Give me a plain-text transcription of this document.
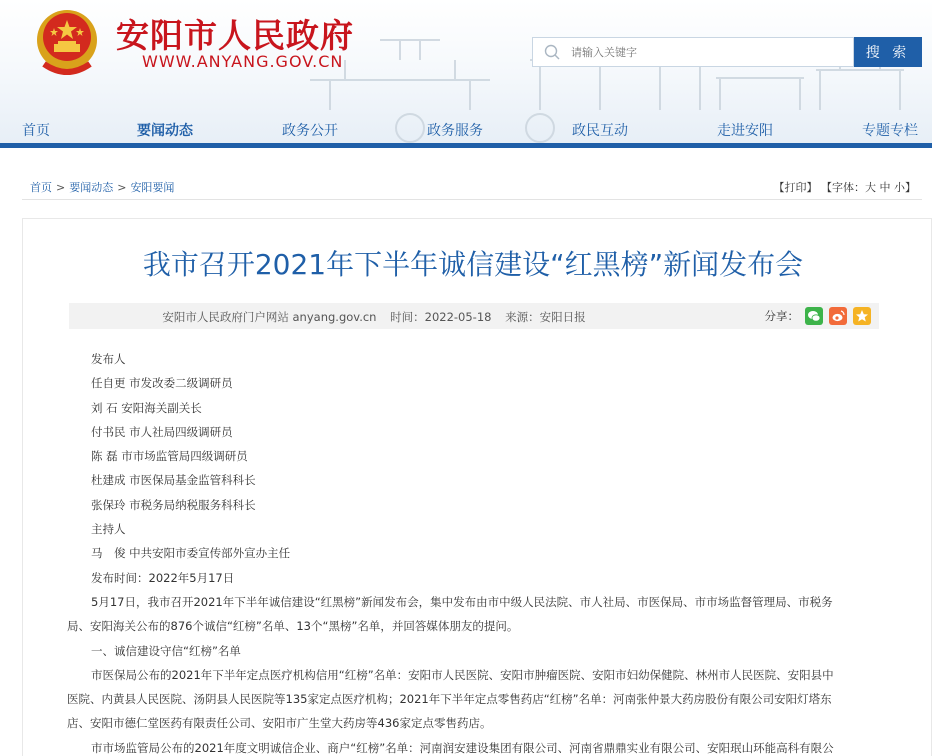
安阳市人民政府
WWW.ANYANG.GOV.CN
请输入关键字	搜 索
首页	要闻动态	政务公开	政务服务	政民互动	走进安阳	专题专栏
首页 > 要闻动态 > 安阳要闻	【打印】 【字体：大 中 小】
我市召开2021年下半年诚信建设“红黑榜”新闻发布会
安阳市人民政府门户网站 anyang.gov.cn 时间：2022-05-18 来源：安阳日报	分享：
发布人
任自更 市发改委二级调研员
刘 石 安阳海关副关长
付书民 市人社局四级调研员
陈 磊 市市场监管局四级调研员
杜建成 市医保局基金监管科科长
张保玲 市税务局纳税服务科科长
主持人
马　俊 中共安阳市委宣传部外宣办主任
发布时间：2022年5月17日
5月17日，我市召开2021年下半年诚信建设“红黑榜”新闻发布会，集中发布由市中级人民法院、市人社局、市医保局、市市场监督管理局、市税务
局、安阳海关公布的876个诚信“红榜”名单、13个“黑榜”名单，并回答媒体朋友的提问。
一、诚信建设守信“红榜”名单
市医保局公布的2021年下半年定点医疗机构信用“红榜”名单：安阳市人民医院、安阳市肿瘤医院、安阳市妇幼保健院、林州市人民医院、安阳县中
医院、内黄县人民医院、汤阴县人民医院等135家定点医疗机构；2021年下半年定点零售药店“红榜”名单：河南张仲景大药房股份有限公司安阳灯塔东
店、安阳市德仁堂医药有限责任公司、安阳市广生堂大药房等436家定点零售药店。
市市场监管局公布的2021年度文明诚信企业、商户“红榜”名单：河南润安建设集团有限公司、河南省鼎鼎实业有限公司、安阳珉山环能高科有限公
